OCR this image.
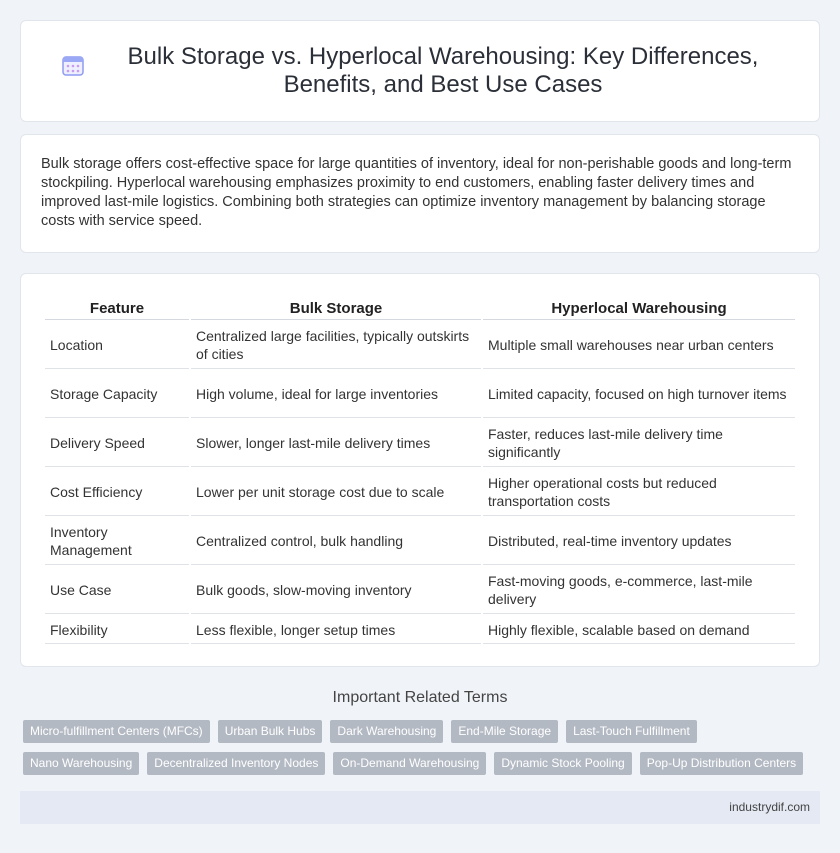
Bulk Storage vs. Hyperlocal Warehousing: Key Differences, Benefits, and Best Use Cases

Bulk storage offers cost-effective space for large quantities of inventory, ideal for non-perishable goods and long-term stockpiling. Hyperlocal warehousing emphasizes proximity to end customers, enabling faster delivery times and improved last-mile logistics. Combining both strategies can optimize inventory management by balancing storage costs with service speed.

Feature	Bulk Storage	Hyperlocal Warehousing
Location	Centralized large facilities, typically outskirts of cities	Multiple small warehouses near urban centers
Storage Capacity	High volume, ideal for large inventories	Limited capacity, focused on high turnover items
Delivery Speed	Slower, longer last-mile delivery times	Faster, reduces last-mile delivery time significantly
Cost Efficiency	Lower per unit storage cost due to scale	Higher operational costs but reduced transportation costs
Inventory Management	Centralized control, bulk handling	Distributed, real-time inventory updates
Use Case	Bulk goods, slow-moving inventory	Fast-moving goods, e-commerce, last-mile delivery
Flexibility	Less flexible, longer setup times	Highly flexible, scalable based on demand
Important Related Terms
Micro-fulfillment Centers (MFCs)	Urban Bulk Hubs	Dark Warehousing	End-Mile Storage	Last-Touch Fulfillment
Nano Warehousing	Decentralized Inventory Nodes	On-Demand Warehousing	Dynamic Stock Pooling	Pop-Up Distribution Centers
industrydif.com
